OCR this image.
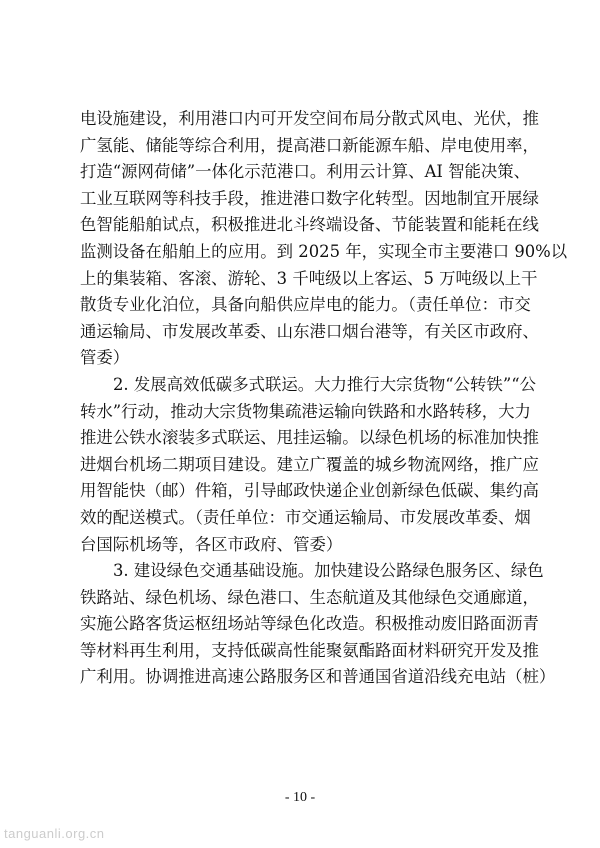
电设施建设，利用港口内可开发空间布局分散式风电、光伏，推
广氢能、储能等综合利用，提高港口新能源车船、岸电使用率，
打造“源网荷储”一体化示范港口。利用云计算、AI 智能决策、
工业互联网等科技手段，推进港口数字化转型。因地制宜开展绿
色智能船舶试点，积极推进北斗终端设备、节能装置和能耗在线
监测设备在船舶上的应用。到 2025 年，实现全市主要港口 90%以
上的集装箱、客滚、游轮、3 千吨级以上客运、5 万吨级以上干
散货专业化泊位，具备向船供应岸电的能力。（责任单位：市交
通运输局、市发展改革委、山东港口烟台港等，有关区市政府、
管委）
2. 发展高效低碳多式联运。大力推行大宗货物“公转铁”“公
转水”行动，推动大宗货物集疏港运输向铁路和水路转移，大力
推进公铁水滚装多式联运、甩挂运输。以绿色机场的标准加快推
进烟台机场二期项目建设。建立广覆盖的城乡物流网络，推广应
用智能快（邮）件箱，引导邮政快递企业创新绿色低碳、集约高
效的配送模式。（责任单位：市交通运输局、市发展改革委、烟
台国际机场等，各区市政府、管委）
3. 建设绿色交通基础设施。加快建设公路绿色服务区、绿色
铁路站、绿色机场、绿色港口、生态航道及其他绿色交通廊道，
实施公路客货运枢纽场站等绿色化改造。积极推动废旧路面沥青
等材料再生利用，支持低碳高性能聚氨酯路面材料研究开发及推
广利用。协调推进高速公路服务区和普通国省道沿线充电站（桩）
- 10 -
tanguanli.org.cn
